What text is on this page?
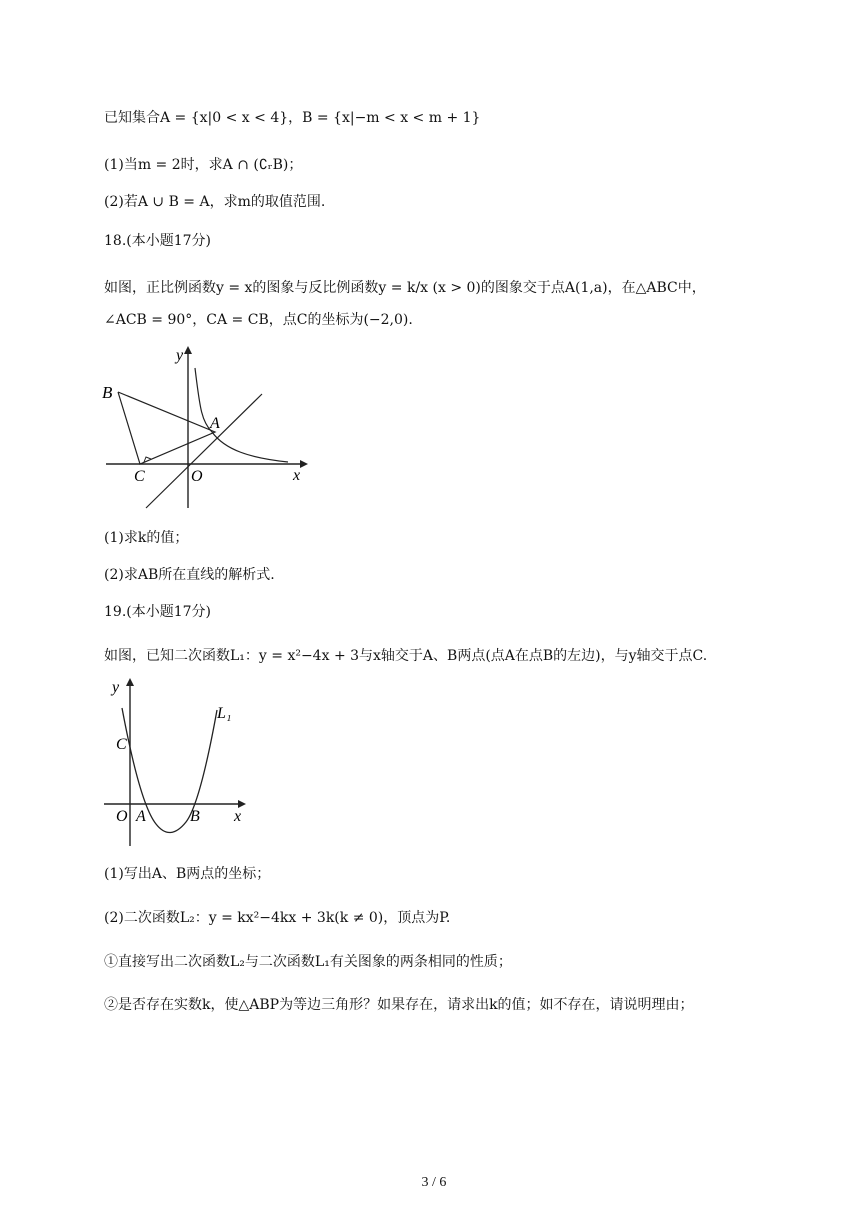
已知集合A = {x|0 < x < 4}，B = {x|−m < x < m + 1}
(1)当m = 2时，求A ∩ (∁ᵣB)；
(2)若A ∪ B = A，求m的取值范围.
18.(本小题17分)
如图，正比例函数y = x的图象与反比例函数y = k/x (x > 0)的图象交于点A(1,a)，在△ABC中，
∠ACB = 90°，CA = CB，点C的坐标为(−2,0).
B
A
C	O	x
y
(1)求k的值；
(2)求AB所在直线的解析式.
19.(本小题17分)
如图，已知二次函数L₁：y = x²−4x + 3与x轴交于A、B两点(点A在点B的左边)，与y轴交于点C.
y
L₁
C
O A	B x
(1)写出A、B两点的坐标；
(2)二次函数L₂：y = kx²−4kx + 3k(k ≠ 0)，顶点为P.
①直接写出二次函数L₂与二次函数L₁有关图象的两条相同的性质；
②是否存在实数k，使△ABP为等边三角形？如果存在，请求出k的值；如不存在，请说明理由；
3 / 6
